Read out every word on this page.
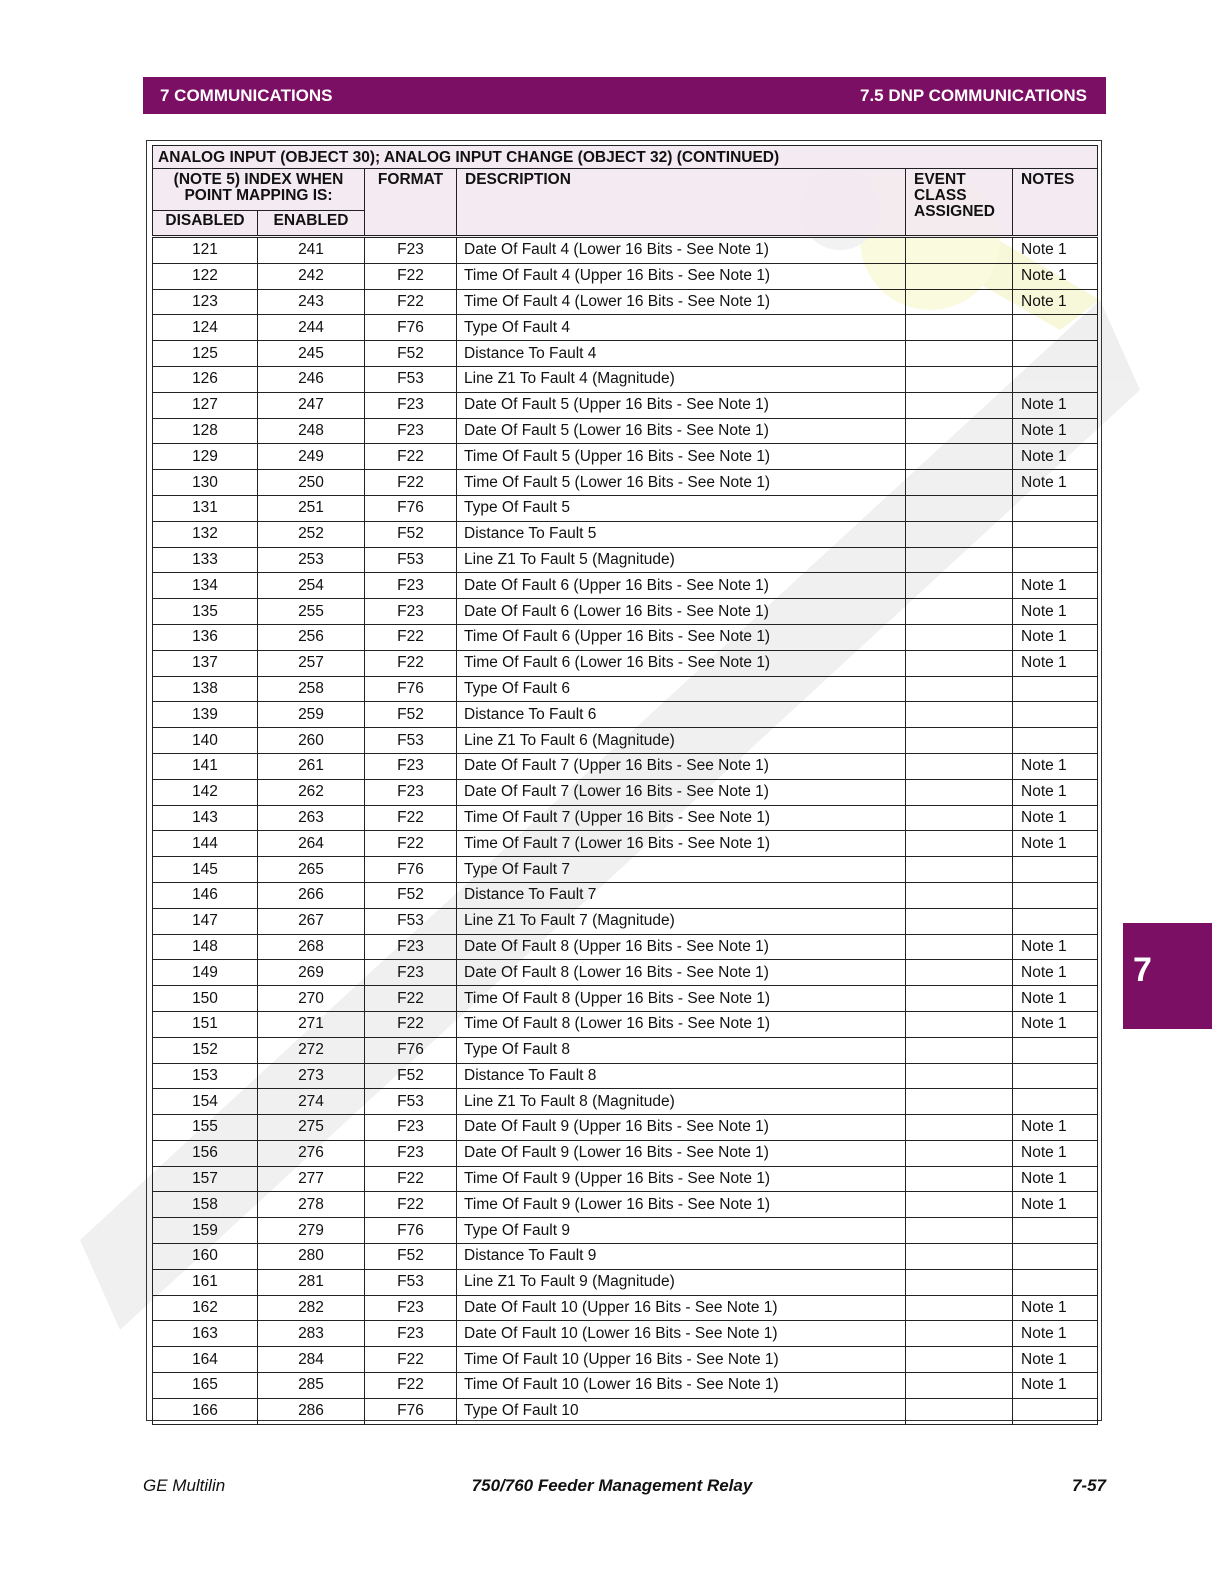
7 COMMUNICATIONS	7.5 DNP COMMUNICATIONS
7
ANALOG INPUT (OBJECT 30); ANALOG INPUT CHANGE (OBJECT 32) (CONTINUED)					
(NOTE 5) INDEX WHEN POINT MAPPING IS:		FORMAT	DESCRIPTION	EVENT CLASS ASSIGNED	NOTES
DISABLED	ENABLED				
121	241	F23	Date Of Fault 4 (Lower 16 Bits - See Note 1)		Note 1
122	242	F22	Time Of Fault 4 (Upper 16 Bits - See Note 1)		Note 1
123	243	F22	Time Of Fault 4 (Lower 16 Bits - See Note 1)		Note 1
124	244	F76	Type Of Fault 4		
125	245	F52	Distance To Fault 4		
126	246	F53	Line Z1 To Fault 4 (Magnitude)		
127	247	F23	Date Of Fault 5 (Upper 16 Bits - See Note 1)		Note 1
128	248	F23	Date Of Fault 5 (Lower 16 Bits - See Note 1)		Note 1
129	249	F22	Time Of Fault 5 (Upper 16 Bits - See Note 1)		Note 1
130	250	F22	Time Of Fault 5 (Lower 16 Bits - See Note 1)		Note 1
131	251	F76	Type Of Fault 5		
132	252	F52	Distance To Fault 5		
133	253	F53	Line Z1 To Fault 5 (Magnitude)		
134	254	F23	Date Of Fault 6 (Upper 16 Bits - See Note 1)		Note 1
135	255	F23	Date Of Fault 6 (Lower 16 Bits - See Note 1)		Note 1
136	256	F22	Time Of Fault 6 (Upper 16 Bits - See Note 1)		Note 1
137	257	F22	Time Of Fault 6 (Lower 16 Bits - See Note 1)		Note 1
138	258	F76	Type Of Fault 6		
139	259	F52	Distance To Fault 6		
140	260	F53	Line Z1 To Fault 6 (Magnitude)		
141	261	F23	Date Of Fault 7 (Upper 16 Bits - See Note 1)		Note 1
142	262	F23	Date Of Fault 7 (Lower 16 Bits - See Note 1)		Note 1
143	263	F22	Time Of Fault 7 (Upper 16 Bits - See Note 1)		Note 1
144	264	F22	Time Of Fault 7 (Lower 16 Bits - See Note 1)		Note 1
145	265	F76	Type Of Fault 7		
146	266	F52	Distance To Fault 7		
147	267	F53	Line Z1 To Fault 7 (Magnitude)		
148	268	F23	Date Of Fault 8 (Upper 16 Bits - See Note 1)		Note 1
149	269	F23	Date Of Fault 8 (Lower 16 Bits - See Note 1)		Note 1
150	270	F22	Time Of Fault 8 (Upper 16 Bits - See Note 1)		Note 1
151	271	F22	Time Of Fault 8 (Lower 16 Bits - See Note 1)		Note 1
152	272	F76	Type Of Fault 8		
153	273	F52	Distance To Fault 8		
154	274	F53	Line Z1 To Fault 8 (Magnitude)		
155	275	F23	Date Of Fault 9 (Upper 16 Bits - See Note 1)		Note 1
156	276	F23	Date Of Fault 9 (Lower 16 Bits - See Note 1)		Note 1
157	277	F22	Time Of Fault 9 (Upper 16 Bits - See Note 1)		Note 1
158	278	F22	Time Of Fault 9 (Lower 16 Bits - See Note 1)		Note 1
159	279	F76	Type Of Fault 9		
160	280	F52	Distance To Fault 9		
161	281	F53	Line Z1 To Fault 9 (Magnitude)		
162	282	F23	Date Of Fault 10 (Upper 16 Bits - See Note 1)		Note 1
163	283	F23	Date Of Fault 10 (Lower 16 Bits - See Note 1)		Note 1
164	284	F22	Time Of Fault 10 (Upper 16 Bits - See Note 1)		Note 1
165	285	F22	Time Of Fault 10 (Lower 16 Bits - See Note 1)		Note 1
166	286	F76	Type Of Fault 10		
GE Multilin	750/760 Feeder Management Relay	7-57
